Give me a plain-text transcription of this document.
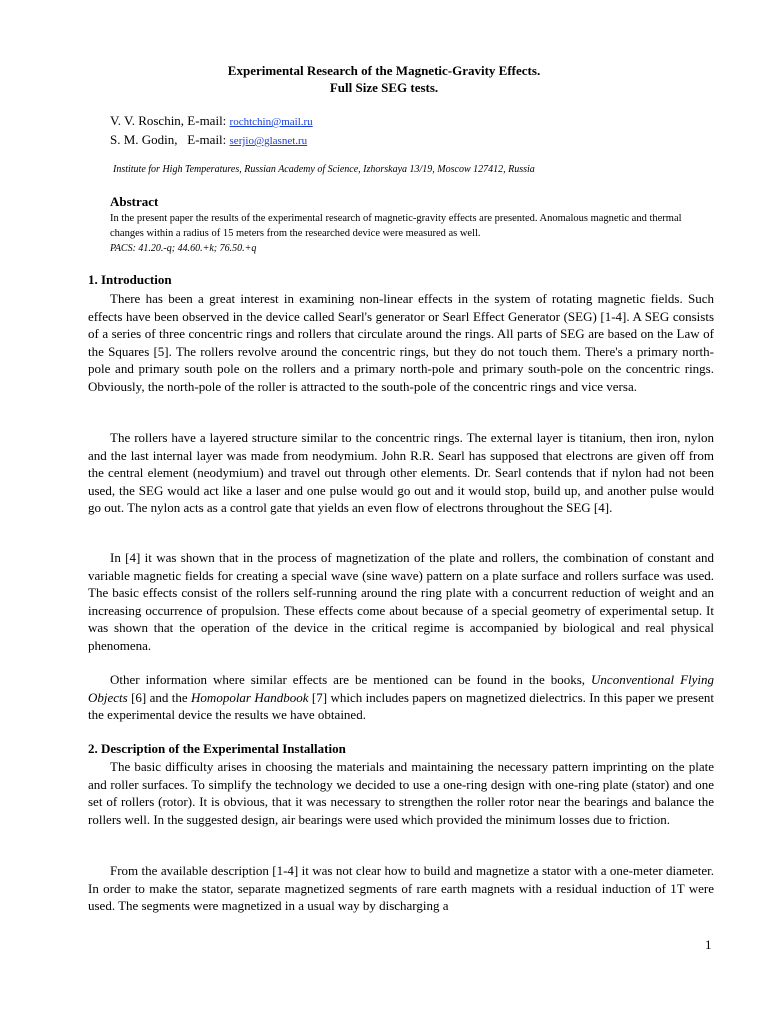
Experimental Research of the Magnetic-Gravity Effects.
Full Size SEG tests.
V. V. Roschin, E-mail: rochtchin@mail.ru
S. M. Godin,   E-mail: serjio@glasnet.ru
Institute for High Temperatures, Russian Academy of Science, Izhorskaya 13/19, Moscow 127412, Russia
Abstract
In the present paper the results of the experimental research of magnetic-gravity effects are presented. Anomalous magnetic and thermal changes within a radius of 15 meters from the researched device were measured as well.
PACS: 41.20.-q; 44.60.+k; 76.50.+q
1. Introduction
There has been a great interest in examining non-linear effects in the system of rotating magnetic fields. Such effects have been observed in the device called Searl's generator or Searl Effect Generator (SEG) [1-4]. A SEG consists of a series of three concentric rings and rollers that circulate around the rings. All parts of SEG are based on the Law of the Squares [5]. The rollers revolve around the concentric rings, but they do not touch them. There's a primary north-pole and primary south pole on the rollers and a primary north-pole and primary south-pole on the concentric rings. Obviously, the north-pole of the roller is attracted to the south-pole of the concentric rings and vice versa.
The rollers have a layered structure similar to the concentric rings. The external layer is titanium, then iron, nylon and the last internal layer was made from neodymium. John R.R. Searl has supposed that electrons are given off from the central element (neodymium) and travel out through other elements. Dr. Searl contends that if nylon had not been used, the SEG would act like a laser and one pulse would go out and it would stop, build up, and another pulse would go out. The nylon acts as a control gate that yields an even flow of electrons throughout the SEG [4].
In [4] it was shown that in the process of magnetization of the plate and rollers, the combination of constant and variable magnetic fields for creating a special wave (sine wave) pattern on a plate surface and rollers surface was used. The basic effects consist of the rollers self-running around the ring plate with a concurrent reduction of weight and an increasing occurrence of propulsion. These effects come about because of a special geometry of experimental setup. It was shown that the operation of the device in the critical regime is accompanied by biological and real physical phenomena.
Other information where similar effects are be mentioned can be found in the books, Unconventional Flying Objects [6] and the Homopolar Handbook [7] which includes papers on magnetized dielectrics. In this paper we present the experimental device the results we have obtained.
2. Description of the Experimental Installation
The basic difficulty arises in choosing the materials and maintaining the necessary pattern imprinting on the plate and roller surfaces. To simplify the technology we decided to use a one-ring design with one-ring plate (stator) and one set of rollers (rotor). It is obvious, that it was necessary to strengthen the roller rotor near the bearings and balance the rollers well. In the suggested design, air bearings were used which provided the minimum losses due to friction.
From the available description [1-4] it was not clear how to build and magnetize a stator with a one-meter diameter. In order to make the stator, separate magnetized segments of rare earth magnets with a residual induction of 1T were used. The segments were magnetized in a usual way by discharging a
1
